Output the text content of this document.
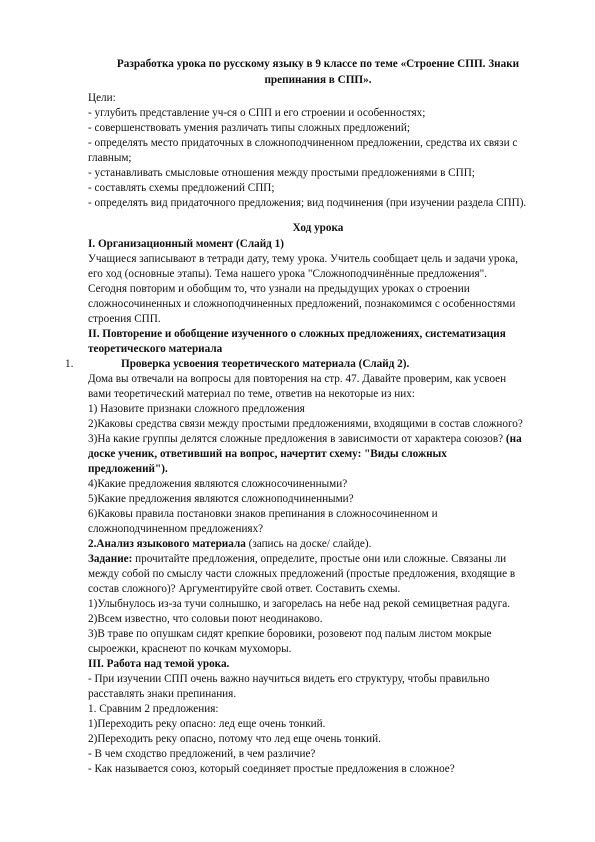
Разработка урока по русскому языку в 9 классе по теме «Строение СПП. Знаки
препинания в СПП».
Цели:
- углубить представление уч-ся о СПП и его строении и особенностях;
- совершенствовать умения различать типы сложных предложений;
- определять место придаточных в сложноподчиненном предложении, средства их связи с
главным;
- устанавливать смысловые отношения между простыми предложениями в СПП;
- составлять схемы предложений СПП;
- определять вид придаточного предложения; вид подчинения (при изучении раздела СПП).
Ход урока
I. Организационный момент (Слайд 1)
Учащиеся записывают в тетради дату, тему урока. Учитель сообщает цель и задачи урока,
его ход (основные этапы). Тема нашего урока "Сложноподчинённые предложения".
Сегодня повторим и обобщим то, что узнали на предыдущих уроках о строении
сложносочиненных и сложноподчиненных предложений, познакомимся с особенностями
строения СПП.
II. Повторение и обобщение изученного о сложных предложениях, систематизация
теоретического материала
1.	Проверка усвоения теоретического материала (Слайд 2).
Дома вы отвечали на вопросы для повторения на стр. 47. Давайте проверим, как усвоен
вами теоретический материал по теме, ответив на некоторые из них:
1) Назовите признаки сложного предложения
2)Каковы средства связи между простыми предложениями, входящими в состав сложного?
3)На какие группы делятся сложные предложения в зависимости от характера союзов? (на
доске ученик, ответивший на вопрос, начертит схему: "Виды сложных
предложений").
4)Какие предложения являются сложносочиненными?
5)Какие предложения являются сложноподчиненными?
6)Каковы правила постановки знаков препинания в сложносочиненном и
сложноподчиненном предложениях?
2.Анализ языкового материала (запись на доске/ слайде).
Задание: прочитайте предложения, определите, простые они или сложные. Связаны ли
между собой по смыслу части сложных предложений (простые предложения, входящие в
состав сложного)? Аргументируйте свой ответ. Составить схемы.
1)Улыбнулось из-за тучи солнышко, и загорелась на небе над рекой семицветная радуга.
2)Всем известно, что соловьи поют неодинаково.
3)В траве по опушкам сидят крепкие боровики, розовеют под палым листом мокрые
сыроежки, краснеют по кочкам мухоморы.
III. Работа над темой урока.
- При изучении СПП очень важно научиться видеть его структуру, чтобы правильно
расставлять знаки препинания.
1. Сравним 2 предложения:
1)Переходить реку опасно: лед еще очень тонкий.
2)Переходить реку опасно, потому что лед еще очень тонкий.
- В чем сходство предложений, в чем различие?
- Как называется союз, который соединяет простые предложения в сложное?
